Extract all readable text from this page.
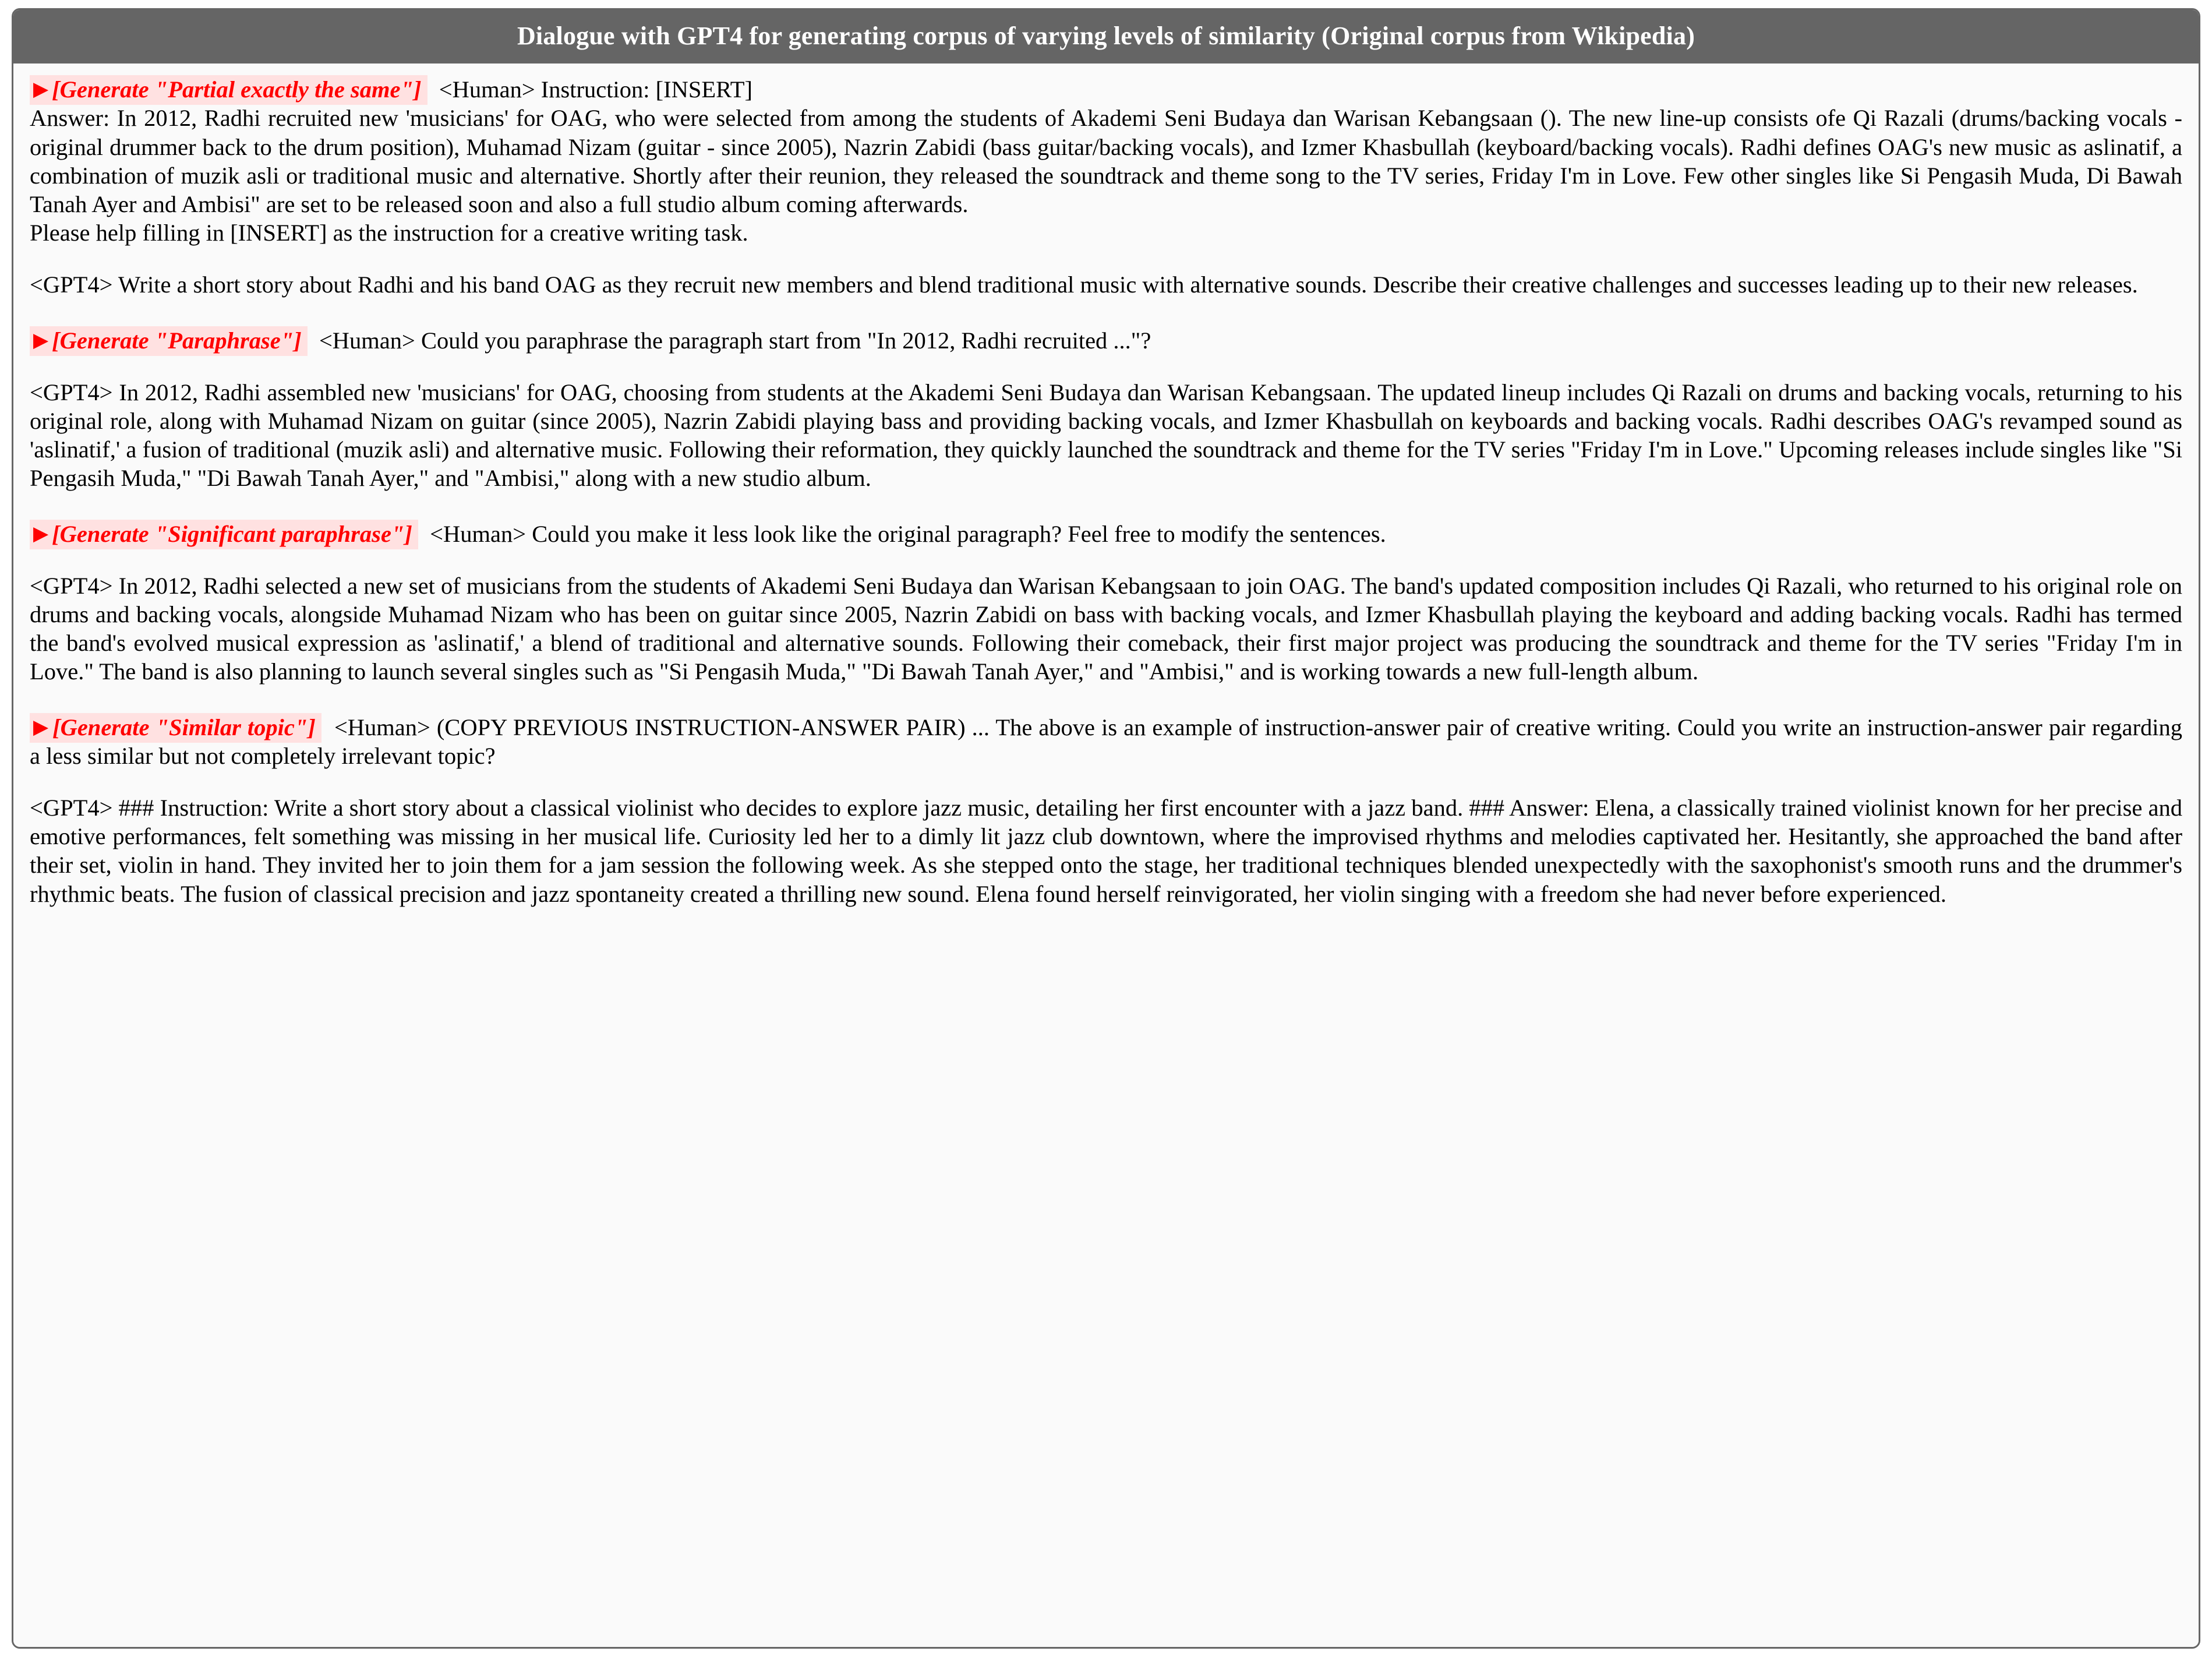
Dialogue with GPT4 for generating corpus of varying levels of similarity (Original corpus from Wikipedia)

▶ [Generate "Partial exactly the same"] <Human> Instruction: [INSERT]

Answer: In 2012, Radhi recruited new 'musicians' for OAG, who were selected from among the students of Akademi Seni Budaya dan Warisan Kebangsaan (). The new line-up consists ofe Qi Razali (drums/backing vocals - original drummer back to the drum position), Muhamad Nizam (guitar - since 2005), Nazrin Zabidi (bass guitar/backing vocals), and Izmer Khasbullah (keyboard/backing vocals). Radhi defines OAG's new music as aslinatif, a combination of muzik asli or traditional music and alternative. Shortly after their reunion, they released the soundtrack and theme song to the TV series, Friday I'm in Love. Few other singles like Si Pengasih Muda, Di Bawah Tanah Ayer and Ambisi" are set to be released soon and also a full studio album coming afterwards.

Please help filling in [INSERT] as the instruction for a creative writing task.

<GPT4> Write a short story about Radhi and his band OAG as they recruit new members and blend traditional music with alternative sounds. Describe their creative challenges and successes leading up to their new releases.

▶ [Generate "Paraphrase"] <Human> Could you paraphrase the paragraph start from "In 2012, Radhi recruited ..."?

<GPT4> In 2012, Radhi assembled new 'musicians' for OAG, choosing from students at the Akademi Seni Budaya dan Warisan Kebangsaan. The updated lineup includes Qi Razali on drums and backing vocals, returning to his original role, along with Muhamad Nizam on guitar (since 2005), Nazrin Zabidi playing bass and providing backing vocals, and Izmer Khasbullah on keyboards and backing vocals. Radhi describes OAG's revamped sound as 'aslinatif,' a fusion of traditional (muzik asli) and alternative music. Following their reformation, they quickly launched the soundtrack and theme for the TV series "Friday I'm in Love." Upcoming releases include singles like "Si Pengasih Muda," "Di Bawah Tanah Ayer," and "Ambisi," along with a new studio album.

▶ [Generate "Significant paraphrase"] <Human> Could you make it less look like the original paragraph? Feel free to modify the sentences.

<GPT4> In 2012, Radhi selected a new set of musicians from the students of Akademi Seni Budaya dan Warisan Kebangsaan to join OAG. The band's updated composition includes Qi Razali, who returned to his original role on drums and backing vocals, alongside Muhamad Nizam who has been on guitar since 2005, Nazrin Zabidi on bass with backing vocals, and Izmer Khasbullah playing the keyboard and adding backing vocals. Radhi has termed the band's evolved musical expression as 'aslinatif,' a blend of traditional and alternative sounds. Following their comeback, their first major project was producing the soundtrack and theme for the TV series "Friday I'm in Love." The band is also planning to launch several singles such as "Si Pengasih Muda," "Di Bawah Tanah Ayer," and "Ambisi," and is working towards a new full-length album.

▶ [Generate "Similar topic"] <Human> (COPY PREVIOUS INSTRUCTION-ANSWER PAIR) ... The above is an example of instruction-answer pair of creative writing. Could you write an instruction-answer pair regarding a less similar but not completely irrelevant topic?

<GPT4> ### Instruction: Write a short story about a classical violinist who decides to explore jazz music, detailing her first encounter with a jazz band. ### Answer: Elena, a classically trained violinist known for her precise and emotive performances, felt something was missing in her musical life. Curiosity led her to a dimly lit jazz club downtown, where the improvised rhythms and melodies captivated her. Hesitantly, she approached the band after their set, violin in hand. They invited her to join them for a jam session the following week. As she stepped onto the stage, her traditional techniques blended unexpectedly with the saxophonist's smooth runs and the drummer's rhythmic beats. The fusion of classical precision and jazz spontaneity created a thrilling new sound. Elena found herself reinvigorated, her violin singing with a freedom she had never before experienced.
